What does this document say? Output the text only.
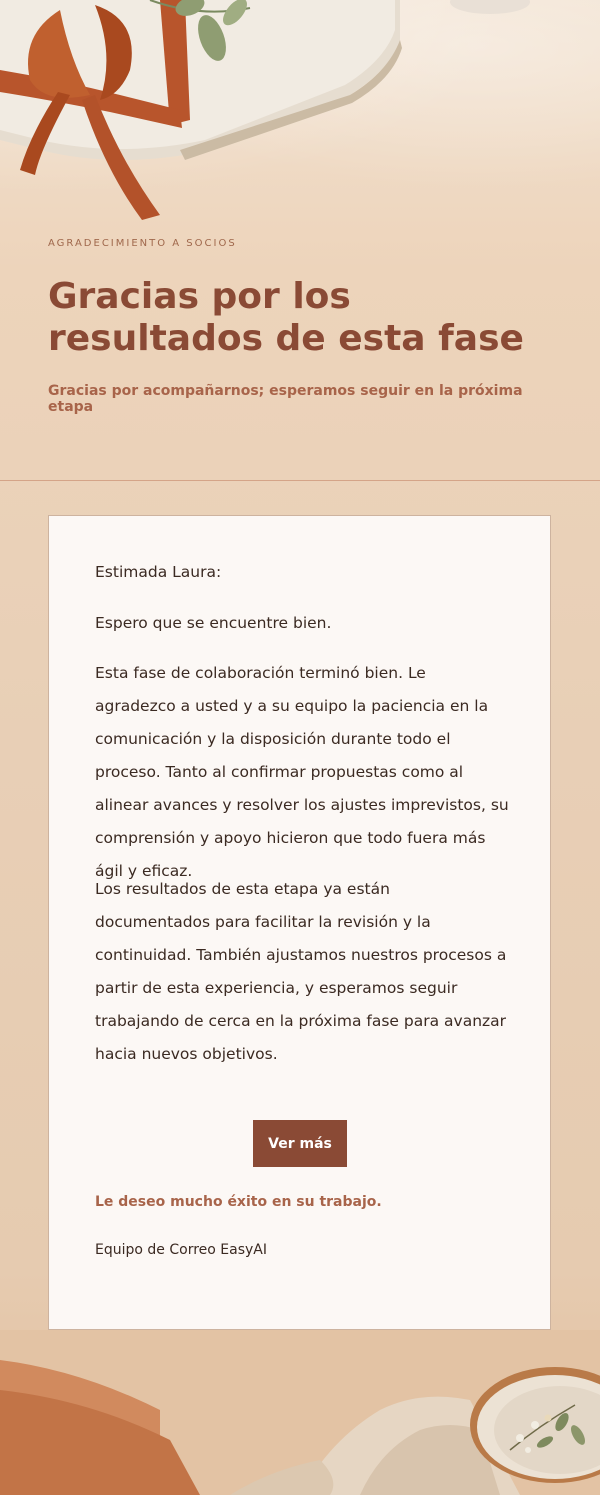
AGRADECIMIENTO A SOCIOS
Gracias por los resultados de esta fase

Gracias por acompañarnos; esperamos seguir en la próxima etapa

Estimada Laura:

Espero que se encuentre bien.

Esta fase de colaboración terminó bien. Le agradezco a usted y a su equipo la paciencia en la comunicación y la disposición durante todo el proceso. Tanto al confirmar propuestas como al alinear avances y resolver los ajustes imprevistos, su comprensión y apoyo hicieron que todo fuera más ágil y eficaz.

Los resultados de esta etapa ya están documentados para facilitar la revisión y la continuidad. También ajustamos nuestros procesos a partir de esta experiencia, y esperamos seguir trabajando de cerca en la próxima fase para avanzar hacia nuevos objetivos.

Ver más

Le deseo mucho éxito en su trabajo.

Equipo de Correo EasyAI
